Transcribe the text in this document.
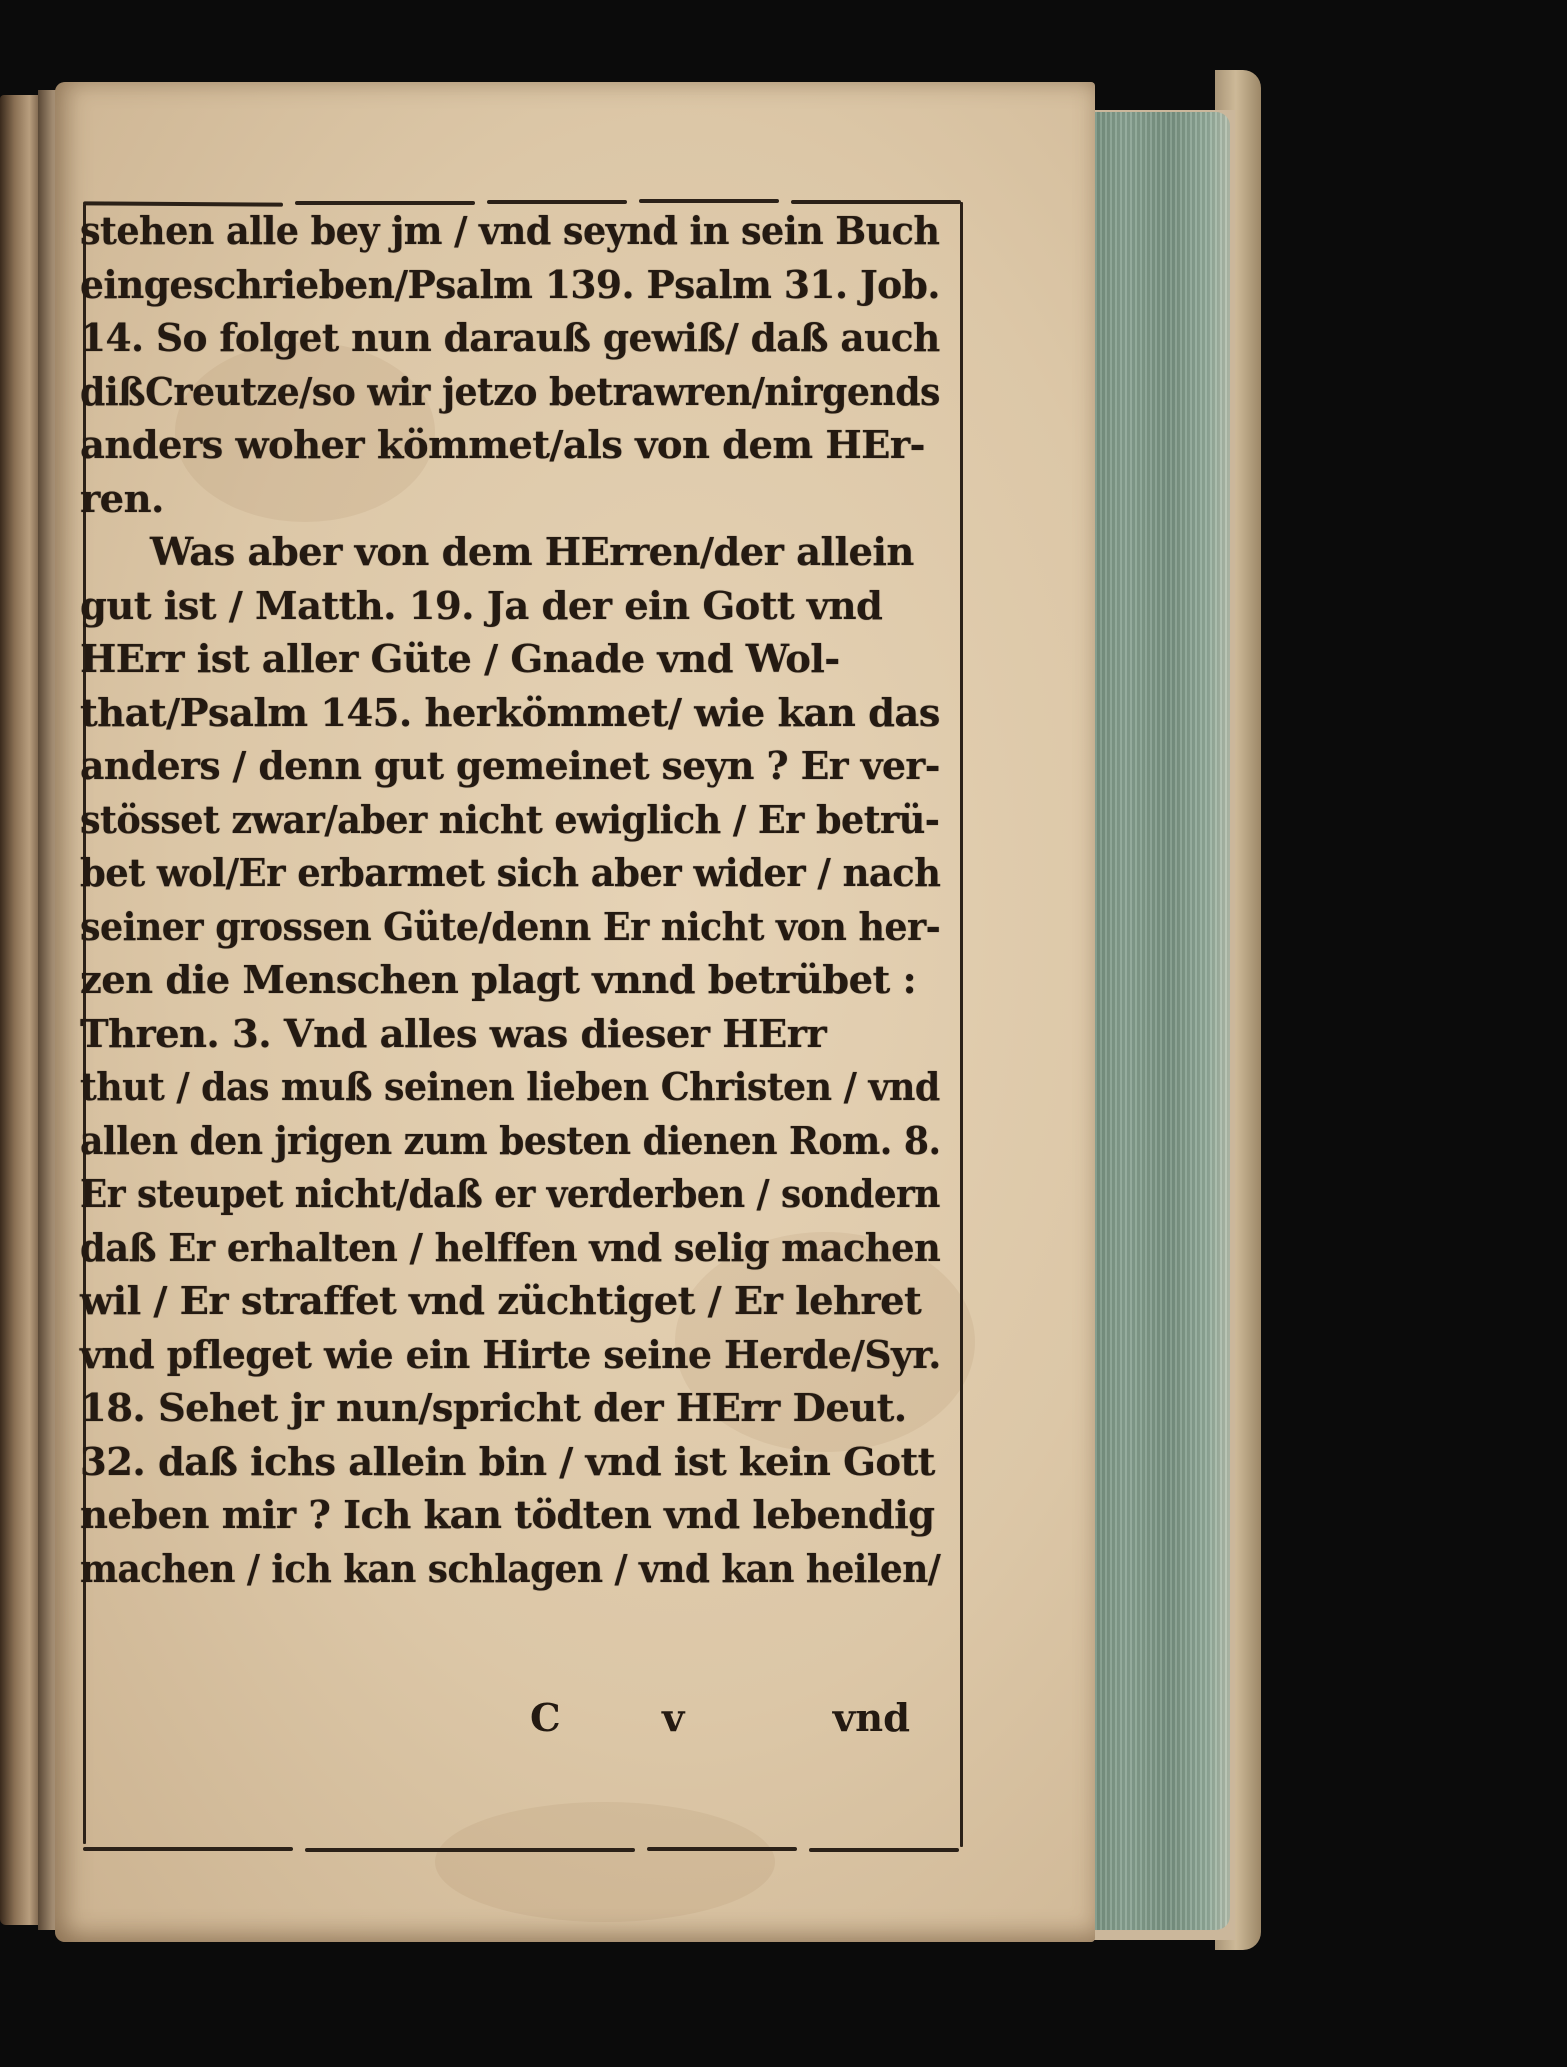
stehen alle bey jm / vnd seynd in sein Buch
eingeschrieben/Psalm 139. Psalm 31. Job.
14. So folget nun darauß gewiß/ daß auch
dißCreutze/so wir jetzo betrawren/nirgends
anders woher kömmet/als von dem HEr-
ren.
Was aber von dem HErren/der allein
gut ist / Matth. 19. Ja der ein Gott vnd
HErr ist aller Güte / Gnade vnd Wol-
that/Psalm 145. herkömmet/ wie kan das
anders / denn gut gemeinet seyn ? Er ver-
stösset zwar/aber nicht ewiglich / Er betrü-
bet wol/Er erbarmet sich aber wider / nach
seiner grossen Güte/denn Er nicht von her-
zen die Menschen plagt vnnd betrübet :
Thren. 3. Vnd alles was dieser HErr
thut / das muß seinen lieben Christen / vnd
allen den jrigen zum besten dienen Rom. 8.
Er steupet nicht/daß er verderben / sondern
daß Er erhalten / helffen vnd selig machen
wil / Er straffet vnd züchtiget / Er lehret
vnd pfleget wie ein Hirte seine Herde/Syr.
18. Sehet jr nun/spricht der HErr Deut.
32. daß ichs allein bin / vnd ist kein Gott
neben mir ? Ich kan tödten vnd lebendig
machen / ich kan schlagen / vnd kan heilen/
C v	vnd
